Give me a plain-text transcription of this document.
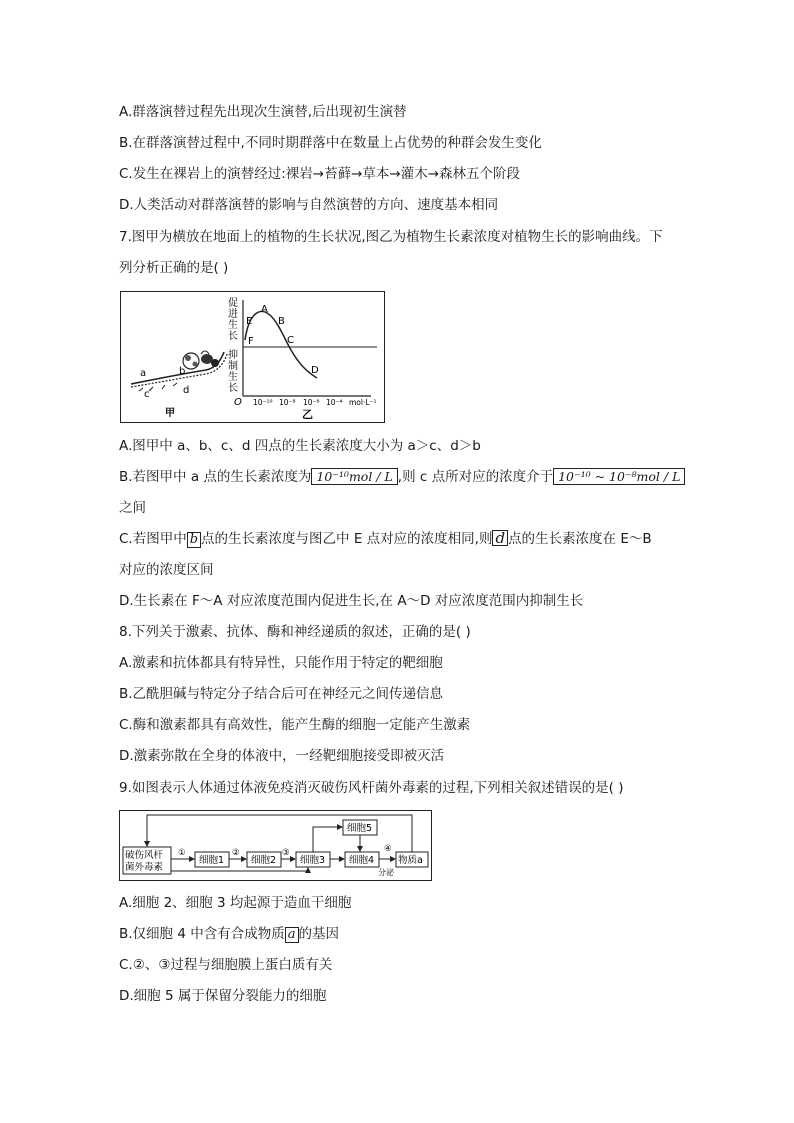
A.群落演替过程先出现次生演替,后出现初生演替
B.在群落演替过程中,不同时期群落中在数量上占优势的种群会发生变化
C.发生在裸岩上的演替经过:裸岩→苔藓→草本→灌木→森林五个阶段
D.人类活动对群落演替的影响与自然演替的方向、速度基本相同
7.图甲为横放在地面上的植物的生长状况,图乙为植物生长素浓度对植物生长的影响曲线。下
列分析正确的是( )
a	b
c	d
甲
促
进
生
长
抑
制
生
长
O
A
B
C
D
E
F
10⁻¹⁰ 10⁻⁸ 10⁻⁶ 10⁻⁴ mol·L⁻¹
乙
A.图甲中 a、b、c、d 四点的生长素浓度大小为 a＞c、d＞b
B.若图甲中 a 点的生长素浓度为 10⁻¹⁰mol / L ,则 c 点所对应的浓度介于 10⁻¹⁰ ~ 10⁻⁸mol / L
之间
C.若图甲中 b 点的生长素浓度与图乙中 E 点对应的浓度相同,则 d 点的生长素浓度在 E～B
对应的浓度区间
D.生长素在 F～A 对应浓度范围内促进生长,在 A～D 对应浓度范围内抑制生长
8.下列关于激素、抗体、酶和神经递质的叙述，正确的是( )
A.激素和抗体都具有特异性，只能作用于特定的靶细胞
B.乙酰胆碱与特定分子结合后可在神经元之间传递信息
C.酶和激素都具有高效性，能产生酶的细胞一定能产生激素
D.激素弥散在全身的体液中，一经靶细胞接受即被灭活
9.如图表示人体通过体液免疫消灭破伤风杆菌外毒素的过程,下列相关叙述错误的是( )
破伤风杆
菌外毒素
细胞1	细胞2	细胞3	细胞4
细胞5
物质a
①	②	③	④
分泌
A.细胞 2、细胞 3 均起源于造血干细胞
B.仅细胞 4 中含有合成物质 a 的基因
C.②、③过程与细胞膜上蛋白质有关
D.细胞 5 属于保留分裂能力的细胞
